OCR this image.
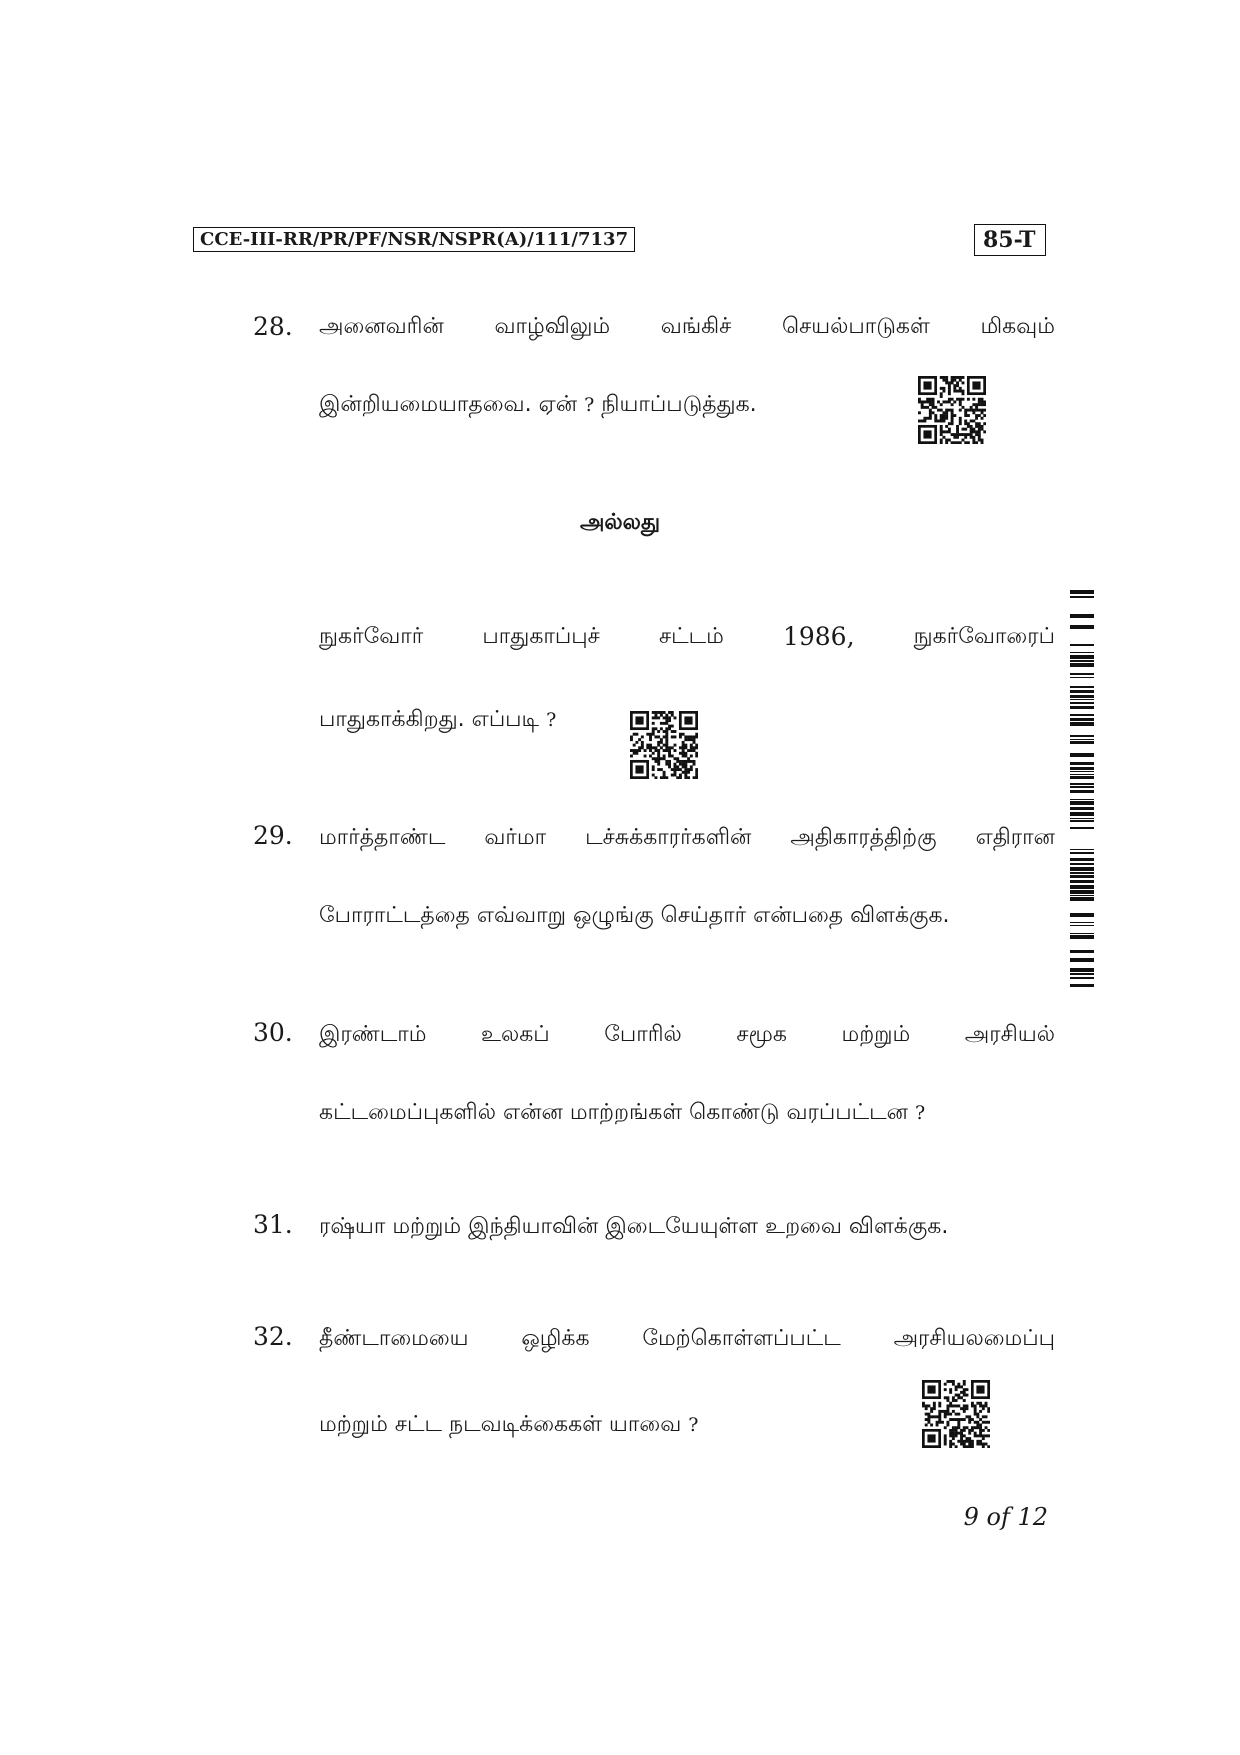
CCE-III-RR/PR/PF/NSR/NSPR(A)/111/7137	85-T
28.	அனைவரின் வாழ்விலும் வங்கிச் செயல்பாடுகள் மிகவும்
இன்றியமையாதவை. ஏன் ? நியாப்படுத்துக.
அல்லது
நுகர்வோர்	பாதுகாப்புச்	சட்டம் 1986,	நுகர்வோரைப்
பாதுகாக்கிறது. எப்படி ?
29.	மார்த்தாண்ட வர்மா டச்சுக்காரர்களின் அதிகாரத்திற்கு எதிரான
போராட்டத்தை எவ்வாறு ஒழுங்கு செய்தார் என்பதை விளக்குக.
30.	இரண்டாம் உலகப் போரில் சமூக மற்றும் அரசியல்
கட்டமைப்புகளில் என்ன மாற்றங்கள் கொண்டு வரப்பட்டன ?
31.	ரஷ்யா மற்றும் இந்தியாவின் இடையேயுள்ள உறவை விளக்குக.
32.	தீண்டாமையை ஒழிக்க மேற்கொள்ளப்பட்ட அரசியலமைப்பு
மற்றும் சட்ட நடவடிக்கைகள் யாவை ?
9 of 12
